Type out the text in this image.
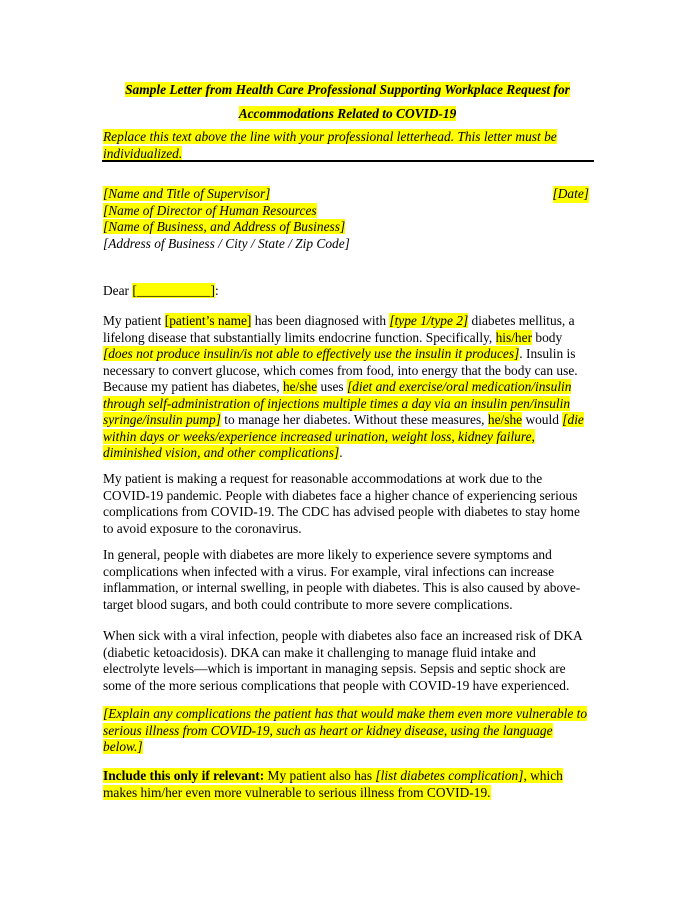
Sample Letter from Health Care Professional Supporting Workplace Request for
Accommodations Related to COVID-19
Replace this text above the line with your professional letterhead. This letter must be individualized.
[Name and Title of Supervisor]	[Date]
[Name of Director of Human Resources
[Name of Business, and Address of Business]
[Address of Business / City / State / Zip Code]
Dear [___________]:
My patient [patient’s name] has been diagnosed with [type 1/type 2] diabetes mellitus, a lifelong disease that substantially limits endocrine function. Specifically, his/her body [does not produce insulin/is not able to effectively use the insulin it produces]. Insulin is necessary to convert glucose, which comes from food, into energy that the body can use. Because my patient has diabetes, he/she uses [diet and exercise/oral medication/insulin through self-administration of injections multiple times a day via an insulin pen/insulin syringe/insulin pump] to manage her diabetes. Without these measures, he/she would [die within days or weeks/experience increased urination, weight loss, kidney failure, diminished vision, and other complications].
My patient is making a request for reasonable accommodations at work due to the COVID-19 pandemic. People with diabetes face a higher chance of experiencing serious complications from COVID-19. The CDC has advised people with diabetes to stay home to avoid exposure to the coronavirus.
In general, people with diabetes are more likely to experience severe symptoms and complications when infected with a virus. For example, viral infections can increase inflammation, or internal swelling, in people with diabetes. This is also caused by above-target blood sugars, and both could contribute to more severe complications.
When sick with a viral infection, people with diabetes also face an increased risk of DKA (diabetic ketoacidosis). DKA can make it challenging to manage fluid intake and electrolyte levels—which is important in managing sepsis. Sepsis and septic shock are some of the more serious complications that people with COVID-19 have experienced.
[Explain any complications the patient has that would make them even more vulnerable to serious illness from COVID-19, such as heart or kidney disease, using the language below.]
Include this only if relevant: My patient also has [list diabetes complication], which makes him/her even more vulnerable to serious illness from COVID-19.
